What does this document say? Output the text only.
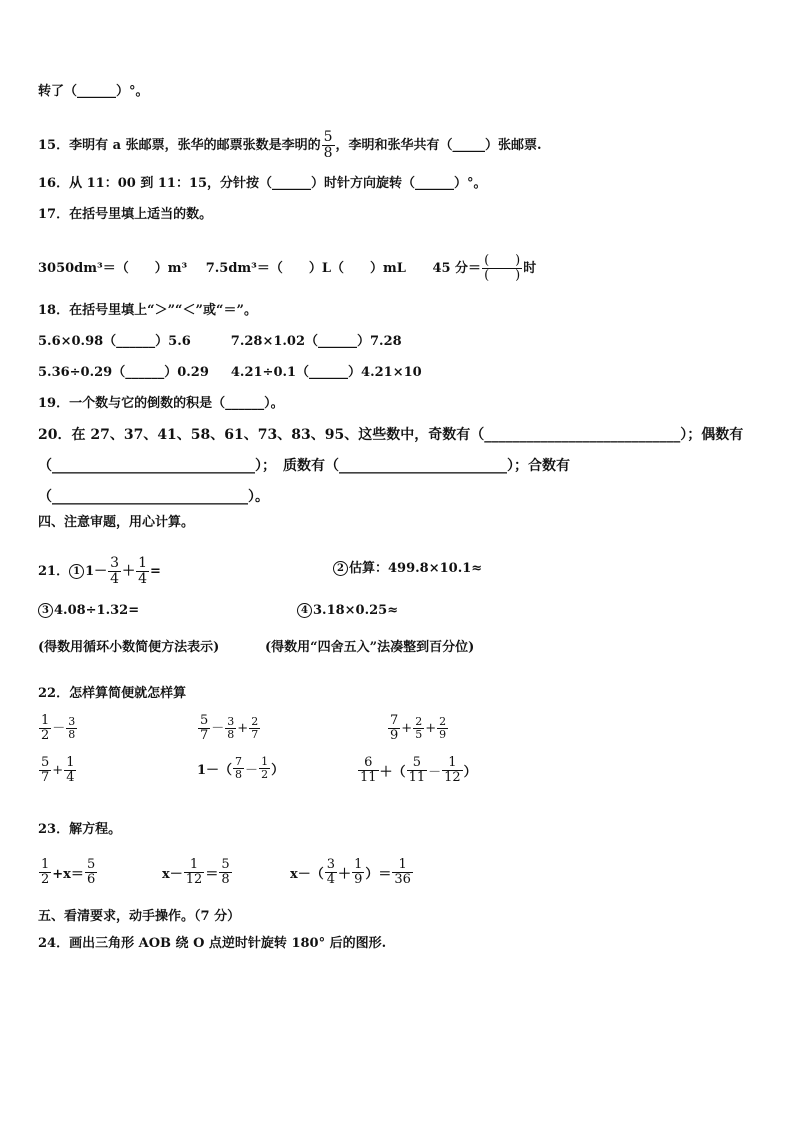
转了（______）°。
15．李明有 a 张邮票，张华的邮票张数是李明的 $\frac{5}{8}$ ，李明和张华共有（_____）张邮票.
16．从 11：00 到 11：15，分针按（______）时针方向旋转（______）°。
17．在括号里填上适当的数。
3050dm³＝（　　）m³ 7.5dm³＝（　　）L（　　）mL 45 分＝ $\frac{( )}{( )}$ 时
18．在括号里填上“＞”“＜”或“＝”。
5.6×0.98（______）5.6	7.28×1.02（______）7.28
5.36÷0.29（______）0.29 4.21÷0.1（______）4.21×10
19．一个数与它的倒数的积是（______）。
20．在 27、37、41、58、61、73、83、95、这些数中，奇数有（____________________________）；偶数有
（_____________________________）；　质数有（________________________）；合数有
（____________________________）。
四、注意审题，用心计算。
21． 1 $1- \frac{3}{4} + \frac{1}{4}$ =	2 估算：499.8×10.1≈
3 4.08÷1.32=	4 3.18×0.25≈
(得数用循环小数简便方法表示)	(得数用“四舍五入”法凑整到百分位)
22．怎样算简便就怎样算
$\frac{1}{2} - \frac{3}{8}$	$\frac{5}{7} - \frac{3}{8} + \frac{2}{7}$	$\frac{7}{9} + \frac{2}{5} + \frac{2}{9}$
$\frac{5}{7} + \frac{1}{4}$	$1-( \frac{7}{8} - \frac{1}{2}$ ）	$\frac{6}{11}$ ＋（ $\frac{5}{11} - \frac{1}{12}$ ）
23．解方程。
$\frac{1}{2} +x= \frac{5}{6}$	$x- \frac{1}{12} = \frac{5}{8}$	$x-( \frac{3}{4} + \frac{1}{9}$ ）＝ $\frac{1}{36}$
五、看清要求，动手操作。（7 分）
24．画出三角形 AOB 绕 O 点逆时针旋转 180° 后的图形.
